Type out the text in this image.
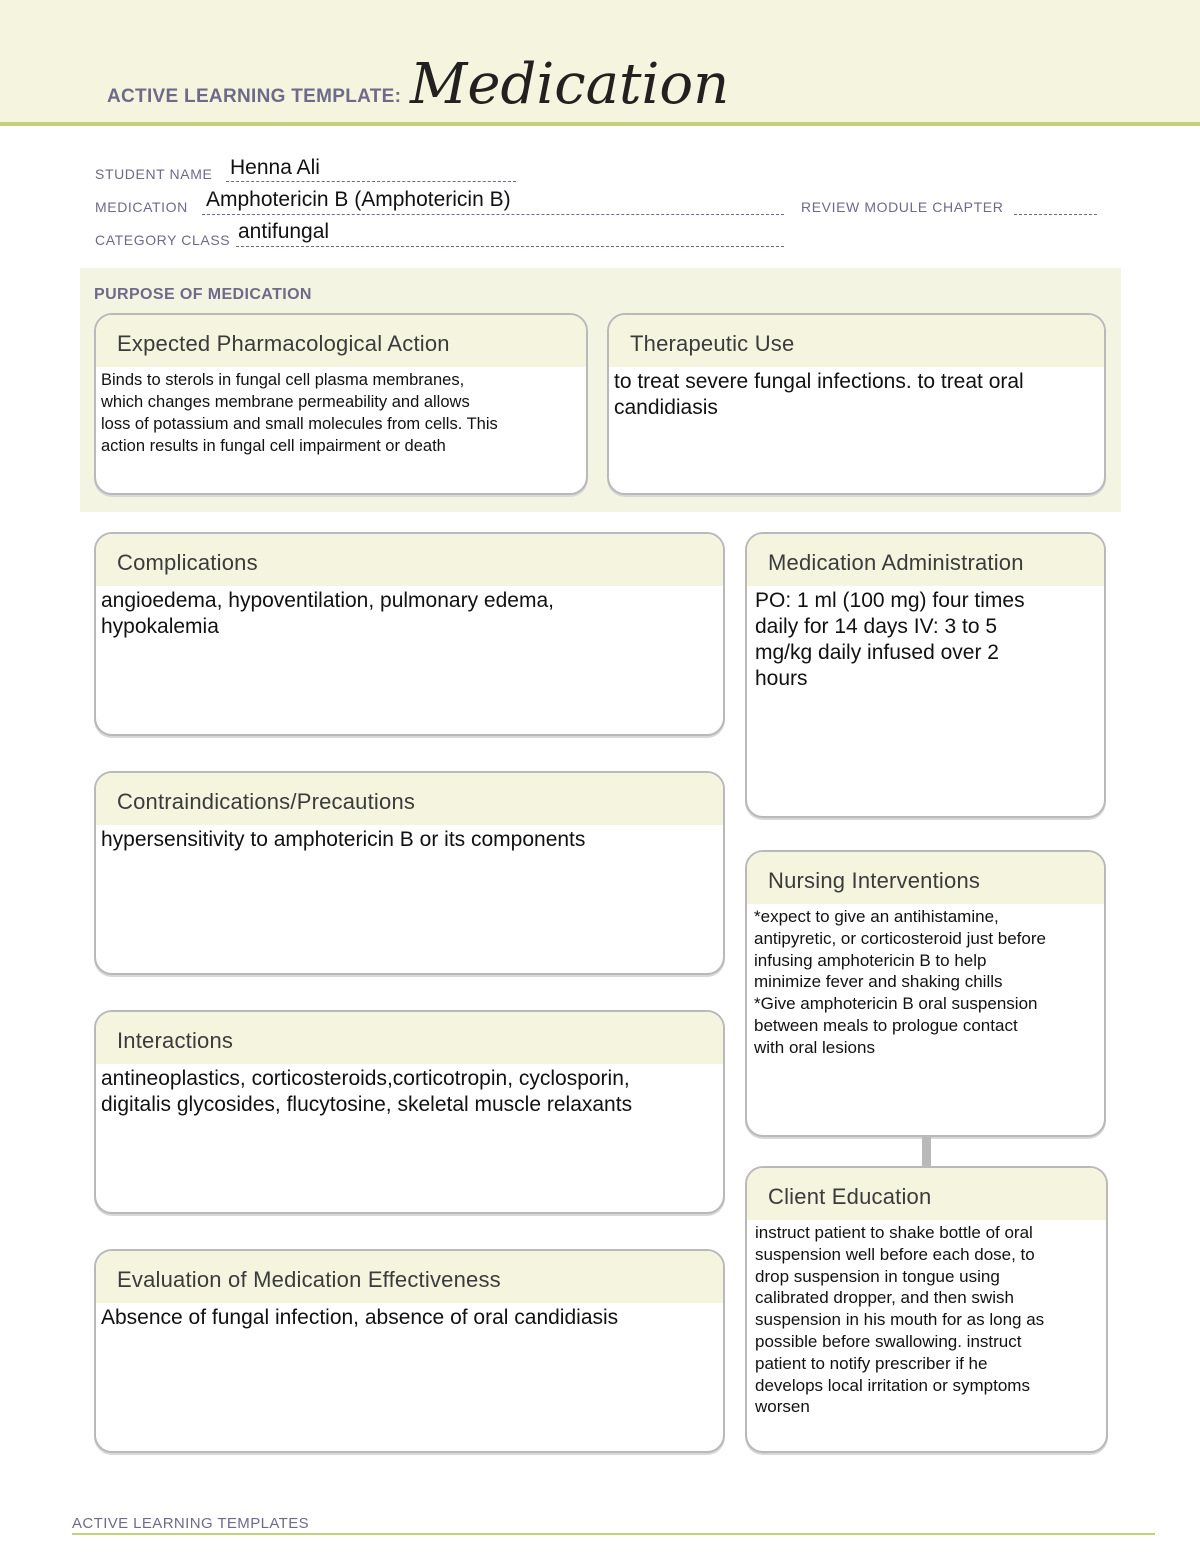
ACTIVE LEARNING TEMPLATE: Medication
STUDENT NAME Henna Ali
MEDICATION Amphotericin B (Amphotericin B)	REVIEW MODULE CHAPTER
CATEGORY CLASS antifungal
PURPOSE OF MEDICATION
Expected Pharmacological Action
Binds to sterols in fungal cell plasma membranes,
which changes membrane permeability and allows
loss of potassium and small molecules from cells. This
action results in fungal cell impairment or death
Therapeutic Use
to treat severe fungal infections. to treat oral
candidiasis
Complications
angioedema, hypoventilation, pulmonary edema,
hypokalemia
Contraindications/Precautions
hypersensitivity to amphotericin B or its components
Interactions
antineoplastics, corticosteroids,corticotropin, cyclosporin,
digitalis glycosides, flucytosine, skeletal muscle relaxants
Evaluation of Medication Effectiveness
Absence of fungal infection, absence of oral candidiasis
Medication Administration
PO: 1 ml (100 mg) four times
daily for 14 days IV: 3 to 5
mg/kg daily infused over 2
hours
Nursing Interventions
*expect to give an antihistamine,
antipyretic, or corticosteroid just before
infusing amphotericin B to help
minimize fever and shaking chills
*Give amphotericin B oral suspension
between meals to prologue contact
with oral lesions
Client Education
instruct patient to shake bottle of oral
suspension well before each dose, to
drop suspension in tongue using
calibrated dropper, and then swish
suspension in his mouth for as long as
possible before swallowing. instruct
patient to notify prescriber if he
develops local irritation or symptoms
worsen
ACTIVE LEARNING TEMPLATES
